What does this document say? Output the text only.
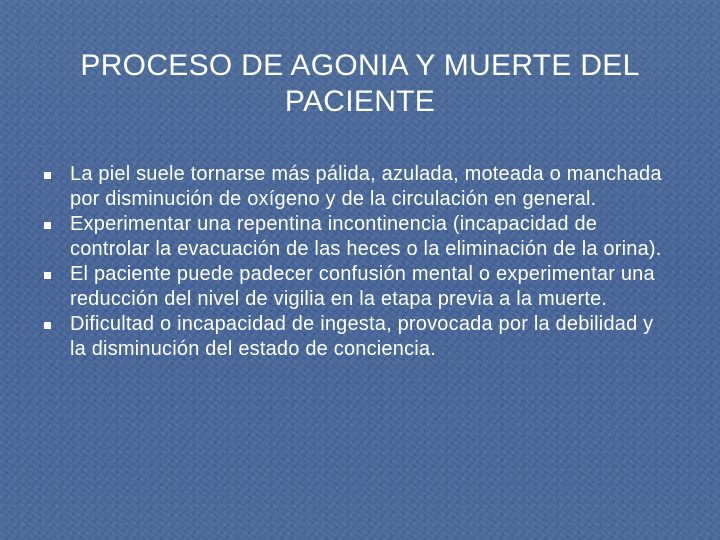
PROCESO DE AGONIA Y MUERTE DEL PACIENTE
La piel suele tornarse más pálida, azulada, moteada o manchada por disminución de oxígeno y de la circulación en general.
Experimentar una repentina incontinencia (incapacidad de controlar la evacuación de las heces o la eliminación de la orina).
El paciente puede padecer confusión mental o experimentar una reducción del nivel de vigilia en la etapa previa a la muerte.
Dificultad o incapacidad de ingesta, provocada por la debilidad y la disminución del estado de conciencia.
